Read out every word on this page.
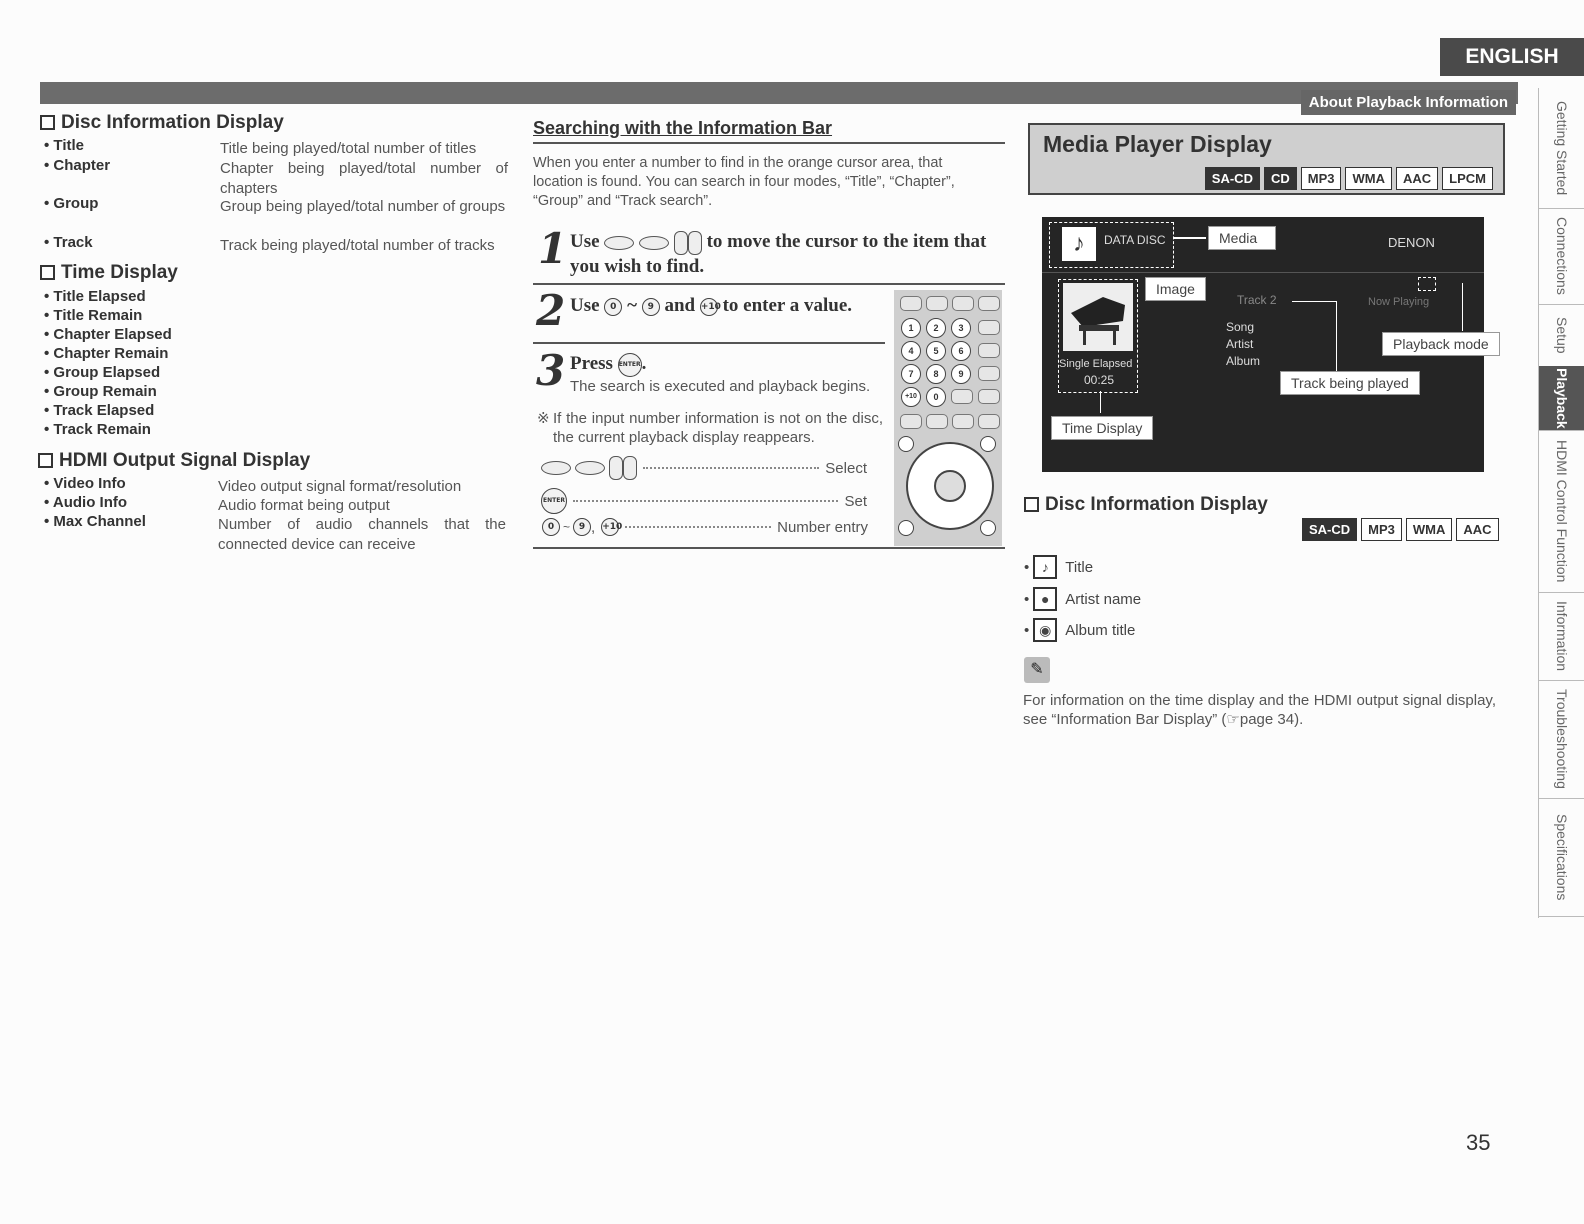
ENGLISH
About Playback Information	Getting Started
Connections
Setup
Playback
HDMI Control Function
Information
Troubleshooting
Specifications
Disc Information Display
• Title	Title being played/total number of titles
• Chapter	Chapter being played/total number of chapters
• Group	Group being played/total number of groups
• Track	Track being played/total number of tracks
Time Display
• Title Elapsed
• Title Remain
• Chapter Elapsed
• Chapter Remain
• Group Elapsed
• Group Remain
• Track Elapsed
• Track Remain
HDMI Output Signal Display
• Video Info	Video output signal format/resolution
• Audio Info	Audio format being output
• Max Channel	Number of audio channels that the connected device can receive
Searching with the Information Bar
When you enter a number to find in the orange cursor area, that location is found. You can search in four modes, “Title”, “Chapter”, “Group” and “Track search”.
1 Use	to move the cursor to the item that you wish to find.
2 Use 0 ~ 9 and +10 to enter a value.
3 Press ENTER.
The search is executed and playback begins.
※ If the input number information is not on the disc, the current playback display reappears.
Select
ENTER	Set
0 ~ 9 , +10	Number entry
1	2	3
4	5	6
7	8	9
+10	0
Media Player Display
SA-CD	CD	MP3	WMA	AAC	LPCM
♪	DATA DISC	DENON
Single Elapsed
00:25
Track 2	Now Playing
Song
Artist
Album
Media
Image
Playback mode
Track being played
Time Display
Disc Information Display
SA-CD	MP3	WMA	AAC
• ♪	Title
• ●	Artist name
• ◉ Album title
✎
For information on the time display and the HDMI output signal display, see “Information Bar Display” (☞page 34).
35
